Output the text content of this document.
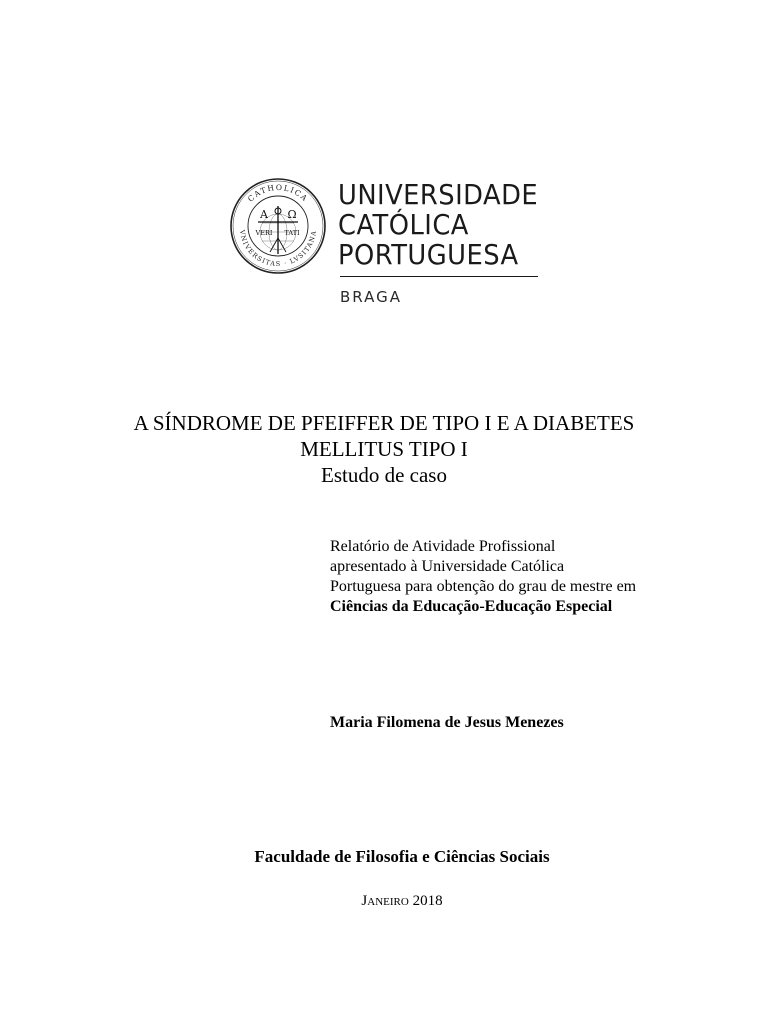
CATHOLICA
VNIVERSITAS · LVSITANA
A Ω
VERI TATI
UNIVERSIDADE
CATÓLICA
PORTUGUESA
BRAGA
A SÍNDROME DE PFEIFFER DE TIPO I E A DIABETES
MELLITUS TIPO I
Estudo de caso
Relatório de Atividade Profissional
apresentado à Universidade Católica
Portuguesa para obtenção do grau de mestre em
Ciências da Educação-Educação Especial
Maria Filomena de Jesus Menezes
Faculdade de Filosofia e Ciências Sociais
Janeiro 2018
